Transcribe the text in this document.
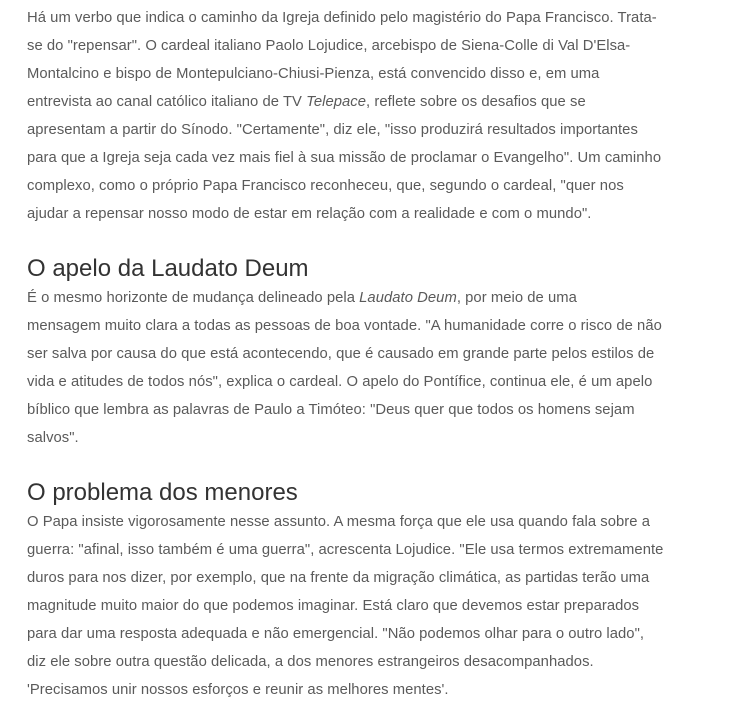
Há um verbo que indica o caminho da Igreja definido pelo magistério do Papa Francisco. Trata-
se do "repensar". O cardeal italiano Paolo Lojudice, arcebispo de Siena-Colle di Val D'Elsa-
Montalcino e bispo de Montepulciano-Chiusi-Pienza, está convencido disso e, em uma
entrevista ao canal católico italiano de TV Telepace, reflete sobre os desafios que se
apresentam a partir do Sínodo. "Certamente", diz ele, "isso produzirá resultados importantes
para que a Igreja seja cada vez mais fiel à sua missão de proclamar o Evangelho". Um caminho
complexo, como o próprio Papa Francisco reconheceu, que, segundo o cardeal, "quer nos
ajudar a repensar nosso modo de estar em relação com a realidade e com o mundo".

O apelo da Laudato Deum

É o mesmo horizonte de mudança delineado pela Laudato Deum, por meio de uma
mensagem muito clara a todas as pessoas de boa vontade. "A humanidade corre o risco de não
ser salva por causa do que está acontecendo, que é causado em grande parte pelos estilos de
vida e atitudes de todos nós", explica o cardeal. O apelo do Pontífice, continua ele, é um apelo
bíblico que lembra as palavras de Paulo a Timóteo: "Deus quer que todos os homens sejam
salvos".

O problema dos menores

O Papa insiste vigorosamente nesse assunto. A mesma força que ele usa quando fala sobre a
guerra: "afinal, isso também é uma guerra", acrescenta Lojudice. "Ele usa termos extremamente
duros para nos dizer, por exemplo, que na frente da migração climática, as partidas terão uma
magnitude muito maior do que podemos imaginar. Está claro que devemos estar preparados
para dar uma resposta adequada e não emergencial. "Não podemos olhar para o outro lado",
diz ele sobre outra questão delicada, a dos menores estrangeiros desacompanhados.
'Precisamos unir nossos esforços e reunir as melhores mentes'.
